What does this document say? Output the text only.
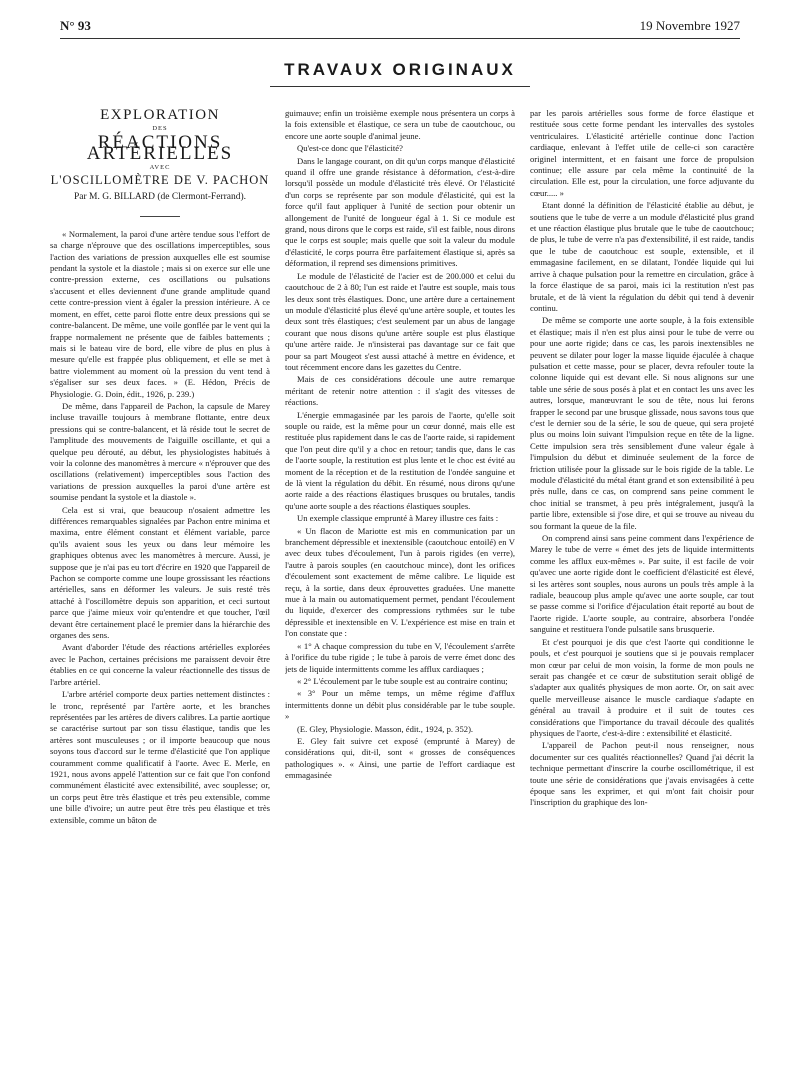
N° 93	19 Novembre 1927
TRAVAUX ORIGINAUX
EXPLORATION
DES
RÉACTIONS ARTÉRIELLES
AVEC
L'OSCILLOMÈTRE DE V. PACHON
Par M. G. BILLARD (de Clermont-Ferrand).

« Normalement, la paroi d'une artère tendue sous l'effort de sa charge n'éprouve que des oscillations imperceptibles, sous l'action des variations de pression auxquelles elle est soumise pendant la systole et la diastole ; mais si on exerce sur elle une contre-pression externe, ces oscillations ou pulsations s'accusent et elles deviennent d'une grande amplitude quand cette contre-pression vient à égaler la pression intérieure. A ce moment, en effet, cette paroi flotte entre deux pressions qui se contre-balancent. De même, une voile gonflée par le vent qui la frappe normalement ne présente que de faibles battements ; mais si le bateau vire de bord, elle vibre de plus en plus à mesure qu'elle est frappée plus obliquement, et elle se met à battre violemment au moment où la pression du vent tend à s'égaliser sur ses deux faces. » (E. Hédon, Précis de Physiologie. G. Doin, édit., 1926, p. 239.)

De même, dans l'appareil de Pachon, la capsule de Marey incluse travaille toujours à membrane flottante, entre deux pressions qui se contre-balancent, et là réside tout le secret de l'amplitude des mouvements de l'aiguille oscillante, et qui a quelque peu dérouté, au début, les physiologistes habitués à voir la colonne des manomètres à mercure « n'éprouver que des oscillations (relativement) imperceptibles sous l'action des variations de pression auxquelles la paroi d'une artère est soumise pendant la systole et la diastole ».

Cela est si vrai, que beaucoup n'osaient admettre les différences remarquables signalées par Pachon entre minima et maxima, entre élément constant et élément variable, parce qu'ils avaient sous les yeux ou dans leur mémoire les graphiques obtenus avec les manomètres à mercure. Aussi, je suppose que je n'ai pas eu tort d'écrire en 1920 que l'appareil de Pachon se comporte comme une loupe grossissant les réactions artérielles, sans en déformer les valeurs. Je suis resté très attaché à l'oscillomètre depuis son apparition, et ceci surtout parce que j'aime mieux voir qu'entendre et que toucher, l'œil devant être certainement placé le premier dans la hiérarchie des organes des sens.

Avant d'aborder l'étude des réactions artérielles explorées avec le Pachon, certaines précisions me paraissent devoir être établies en ce qui concerne la valeur réactionnelle des tissus de l'arbre artériel.

L'arbre artériel comporte deux parties nettement distinctes : le tronc, représenté par l'artère aorte, et les branches représentées par les artères de divers calibres. La partie aortique se caractérise surtout par son tissu élastique, tandis que les artères sont musculeuses ; or il importe beaucoup que nous soyons tous d'accord sur le terme d'élasticité que l'on applique couramment comme qualificatif à l'aorte. Avec E. Merle, en 1921, nous avons appelé l'attention sur ce fait que l'on confond communément élasticité avec extensibilité, avec souplesse; or, un corps peut être très élastique et très peu extensible, comme une bille d'ivoire; un autre peut être très peu élastique et très extensible, comme un bâton de

guimauve; enfin un troisième exemple nous présentera un corps à la fois extensible et élastique, ce sera un tube de caoutchouc, ou encore une aorte souple d'animal jeune.

Qu'est-ce donc que l'élasticité?

Dans le langage courant, on dit qu'un corps manque d'élasticité quand il offre une grande résistance à déformation, c'est-à-dire lorsqu'il possède un module d'élasticité très élevé. Or l'élasticité d'un corps se représente par son module d'élasticité, qui est la force qu'il faut appliquer à l'unité de section pour obtenir un allongement de l'unité de longueur égal à 1. Si ce module est grand, nous dirons que le corps est raide, s'il est faible, nous dirons que le corps est souple; mais quelle que soit la valeur du module d'élasticité, le corps pourra être parfaitement élastique si, après sa déformation, il reprend ses dimensions primitives.

Le module de l'élasticité de l'acier est de 200.000 et celui du caoutchouc de 2 à 80; l'un est raide et l'autre est souple, mais tous les deux sont très élastiques. Donc, une artère dure a certainement un module d'élasticité plus élevé qu'une artère souple, et toutes les deux sont très élastiques; c'est seulement par un abus de langage courant que nous disons qu'une artère souple est plus élastique qu'une artère raide. Je n'insisterai pas davantage sur ce fait que pour sa part Mougeot s'est aussi attaché à mettre en évidence, et tout récemment encore dans les gazettes du Centre.

Mais de ces considérations découle une autre remarque méritant de retenir notre attention : il s'agit des vitesses de réactions.

L'énergie emmagasinée par les parois de l'aorte, qu'elle soit souple ou raide, est la même pour un cœur donné, mais elle est restituée plus rapidement dans le cas de l'aorte raide, si rapidement que l'on peut dire qu'il y a choc en retour; tandis que, dans le cas de l'aorte souple, la restitution est plus lente et le choc est évité au moment de la réception et de la restitution de l'ondée sanguine et de là vient la régulation du débit. En résumé, nous dirons qu'une aorte raide a des réactions élastiques brusques ou brutales, tandis qu'une aorte souple a des réactions élastiques souples.

Un exemple classique emprunté à Marey illustre ces faits :

« Un flacon de Mariotte est mis en communication par un branchement dépressible et inextensible (caoutchouc entoilé) en V avec deux tubes d'écoulement, l'un à parois rigides (en verre), l'autre à parois souples (en caoutchouc mince), dont les orifices d'écoulement sont exactement de même calibre. Le liquide est reçu, à la sortie, dans deux éprouvettes graduées. Une manette mue à la main ou automatiquement permet, pendant l'écoulement du liquide, d'exercer des compressions rythmées sur le tube dépressible et inextensible en V. L'expérience est mise en train et l'on constate que :

« 1° A chaque compression du tube en V, l'écoulement s'arrête à l'orifice du tube rigide ; le tube à parois de verre émet donc des jets de liquide intermittents comme les afflux cardiaques ;

« 2° L'écoulement par le tube souple est au contraire continu;

« 3° Pour un même temps, un même régime d'afflux intermittents donne un débit plus considérable par le tube souple. »

(E. Gley, Physiologie. Masson, édit., 1924, p. 352).

E. Gley fait suivre cet exposé (emprunté à Marey) de considérations qui, dit-il, sont « grosses de conséquences pathologiques ». « Ainsi, une partie de l'effort cardiaque est emmagasinée

par les parois artérielles sous forme de force élastique et restituée sous cette forme pendant les intervalles des systoles ventriculaires. L'élasticité artérielle continue donc l'action cardiaque, enlevant à l'effet utile de celle-ci son caractère originel intermittent, et en faisant une force de propulsion continue; elle assure par cela même la continuité de la circulation. Elle est, pour la circulation, une force adjuvante du cœur..... »

Etant donné la définition de l'élasticité établie au début, je soutiens que le tube de verre a un module d'élasticité plus grand et une réaction élastique plus brutale que le tube de caoutchouc; de plus, le tube de verre n'a pas d'extensibilité, il est raide, tandis que le tube de caoutchouc est souple, extensible, et il emmagasine facilement, en se dilatant, l'ondée liquide qui lui arrive à chaque pulsation pour la remettre en circulation, grâce à la force élastique de sa paroi, mais ici la restitution n'est pas brutale, et de là vient la régulation du débit qui tend à devenir continu.

De même se comporte une aorte souple, à la fois extensible et élastique; mais il n'en est plus ainsi pour le tube de verre ou pour une aorte rigide; dans ce cas, les parois inextensibles ne peuvent se dilater pour loger la masse liquide éjaculée à chaque pulsation et cette masse, pour se placer, devra refouler toute la colonne liquide qui est devant elle. Si nous alignons sur une table une série de sous posés à plat et en contact les uns avec les autres, lorsque, manœuvrant le sou de tête, nous lui ferons frapper le second par une brusque glissade, nous savons tous que c'est le dernier sou de la série, le sou de queue, qui sera projeté plus ou moins loin suivant l'impulsion reçue en tête de la ligne. Cette impulsion sera très sensiblement d'une valeur égale à l'impulsion du début et diminuée seulement de la force de friction utilisée pour la glissade sur le bois rigide de la table. Le module d'élasticité du métal étant grand et son extensibilité à peu près nulle, dans ce cas, on comprend sans peine comment le choc initial se transmet, à peu près intégralement, jusqu'à la partie libre, extensible si j'ose dire, et qui se trouve au niveau du sou formant la queue de la file.

On comprend ainsi sans peine comment dans l'expérience de Marey le tube de verre « émet des jets de liquide intermittents comme les afflux eux-mêmes ». Par suite, il est facile de voir qu'avec une aorte rigide dont le coefficient d'élasticité est élevé, si les artères sont souples, nous aurons un pouls très ample à la radiale, beaucoup plus ample qu'avec une aorte souple, car tout se passe comme si l'orifice d'éjaculation était reporté au bout de l'aorte rigide. L'aorte souple, au contraire, absorbera l'ondée sanguine et restituera l'onde pulsatile sans brusquerie.

Et c'est pourquoi je dis que c'est l'aorte qui conditionne le pouls, et c'est pourquoi je soutiens que si je pouvais remplacer mon cœur par celui de mon voisin, la forme de mon pouls ne serait pas changée et ce cœur de substitution serait obligé de s'adapter aux qualités physiques de mon aorte. Or, on sait avec quelle merveilleuse aisance le muscle cardiaque s'adapte en général au travail à produire et il suit de toutes ces considérations que l'importance du travail découle des qualités physiques de l'aorte, c'est-à-dire : extensibilité et élasticité.

L'appareil de Pachon peut-il nous renseigner, nous documenter sur ces qualités réactionnelles? Quand j'ai décrit la technique permettant d'inscrire la courbe oscillométrique, il est toute une série de considérations que j'avais envisagées à cette époque sans les exprimer, et qui m'ont fait choisir pour l'inscription du graphique des lon-
